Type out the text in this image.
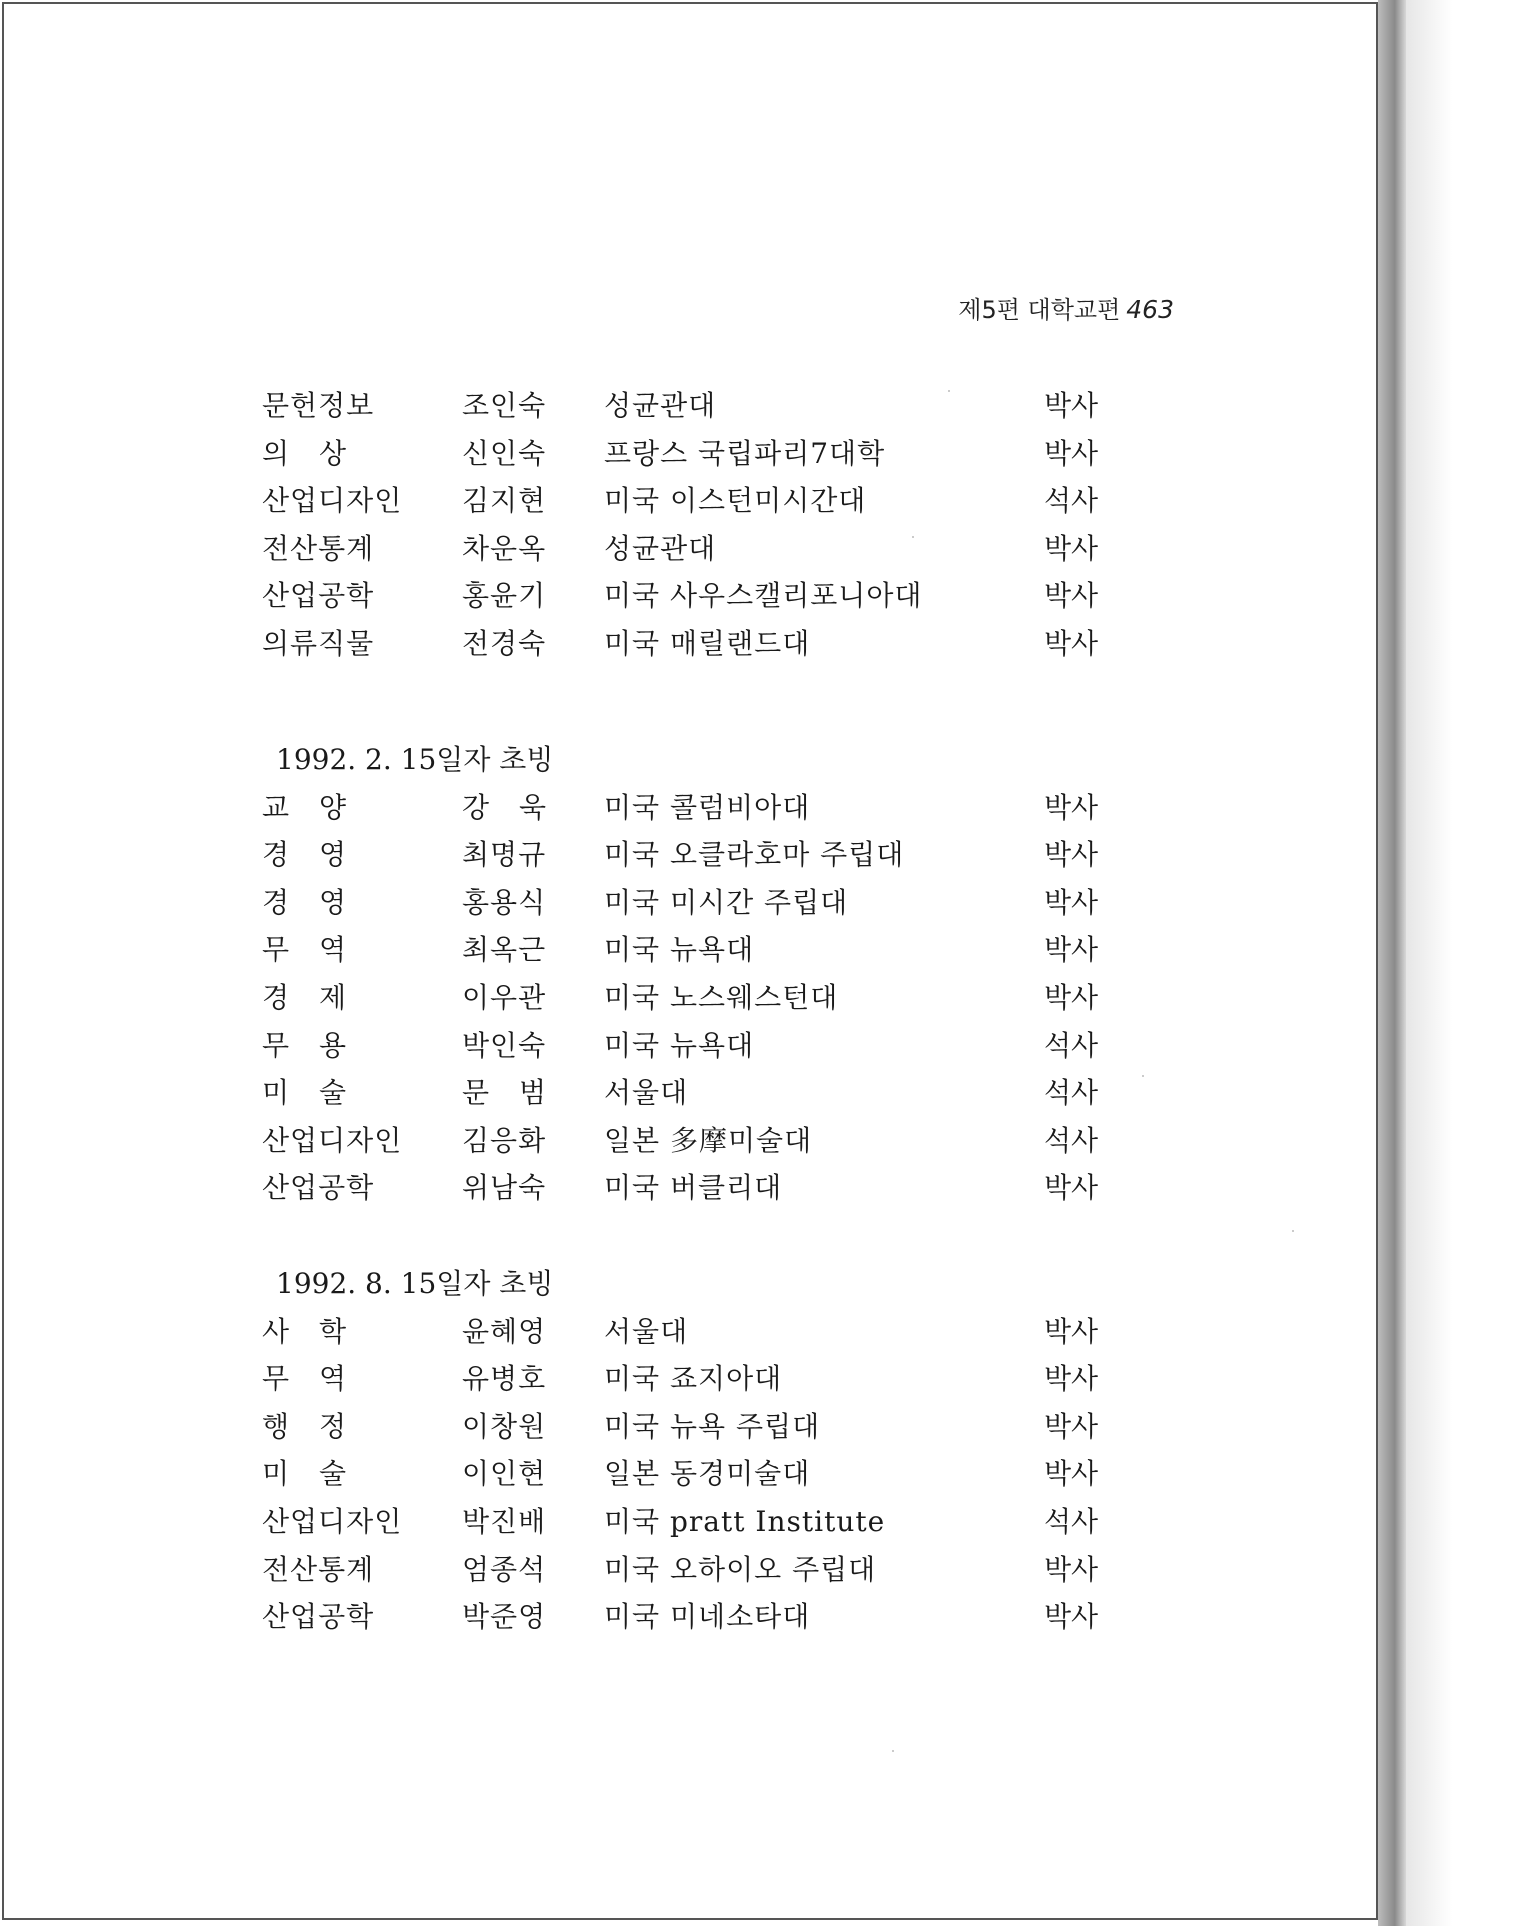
제5편 대학교편 463
문헌정보	조인숙 성균관대	박사
의　상	신인숙 프랑스 국립파리7대학	박사
산업디자인 김지현 미국 이스턴미시간대	석사
전산통계	차운옥 성균관대	박사
산업공학	홍윤기 미국 사우스캘리포니아대	박사
의류직물	전경숙 미국 매릴랜드대	박사
1992. 2. 15일자 초빙
교　양	강　욱 미국 콜럼비아대	박사
경　영	최명규 미국 오클라호마 주립대	박사
경　영	홍용식 미국 미시간 주립대	박사
무　역	최옥근 미국 뉴욕대	박사
경　제	이우관 미국 노스웨스턴대	박사
무　용	박인숙 미국 뉴욕대	석사
미　술	문　범 서울대	석사
산업디자인 김응화 일본 多摩미술대	석사
산업공학	위남숙 미국 버클리대	박사
1992. 8. 15일자 초빙
사　학	윤혜영 서울대	박사
무　역	유병호 미국 죠지아대	박사
행　정	이창원 미국 뉴욕 주립대	박사
미　술	이인현 일본 동경미술대	박사
산업디자인 박진배 미국 pratt Institute	석사
전산통계	엄종석 미국 오하이오 주립대	박사
산업공학	박준영 미국 미네소타대	박사
